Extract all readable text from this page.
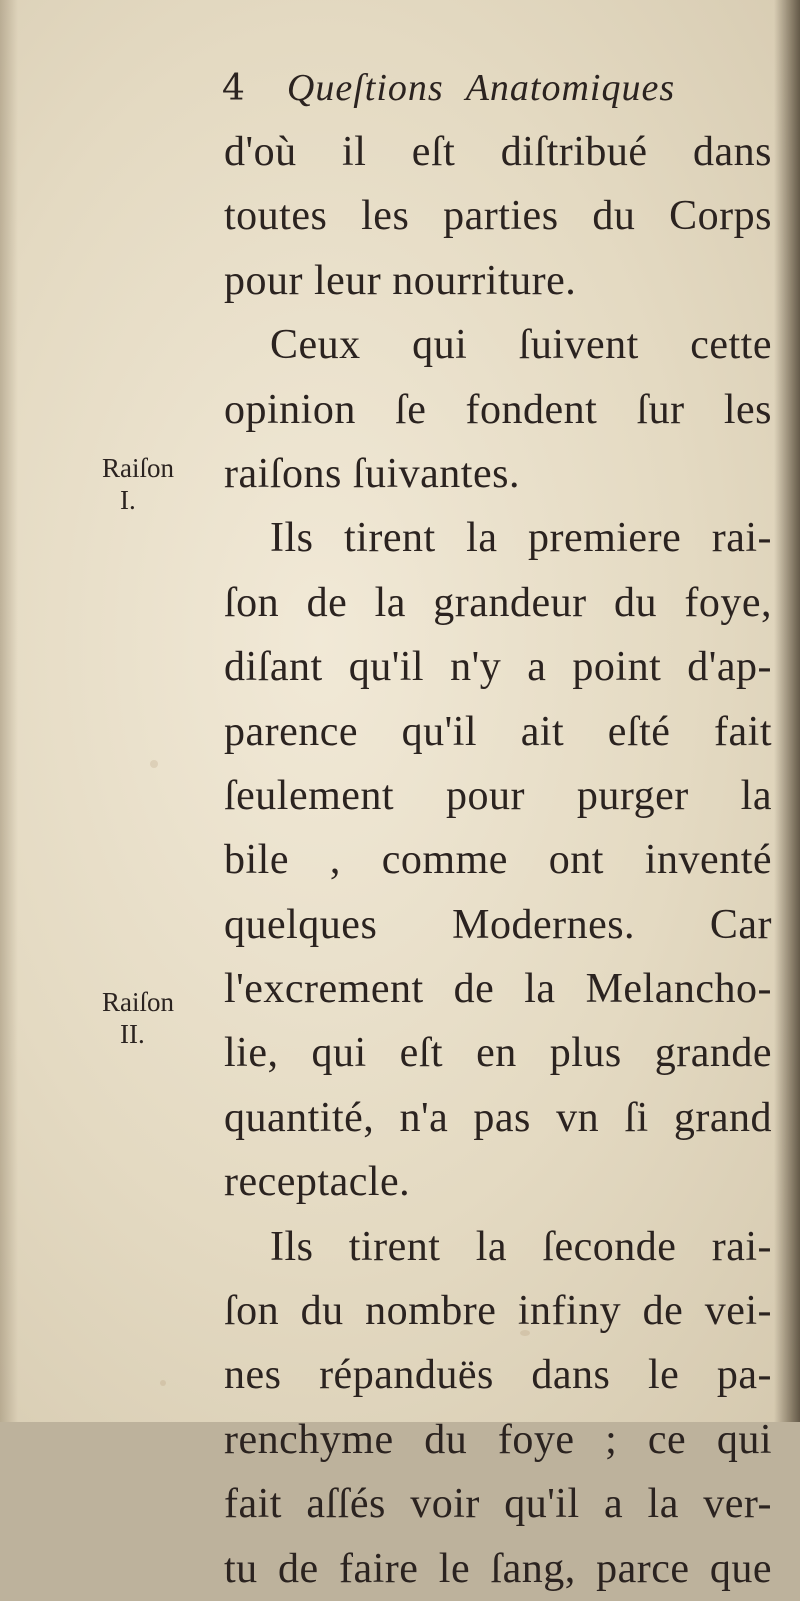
4 Queſtions Anatomiques
d'où il eſt diſtribué dans
toutes les parties du Corps
pour leur nourriture.
Ceux qui ſuivent cette
opinion ſe fondent ſur les
raiſons ſuivantes.
Ils tirent la premiere rai-
ſon de la grandeur du foye,
diſant qu'il n'y a point d'ap-
parence qu'il ait eſté fait
ſeulement pour purger la
bile , comme ont inventé
quelques Modernes. Car
l'excrement de la Melancho-
lie, qui eſt en plus grande
quantité, n'a pas vn ſi grand
receptacle.
Ils tirent la ſeconde rai-
ſon du nombre infiny de vei-
nes répanduës dans le pa-
renchyme du foye ; ce qui
fait aſſés voir qu'il a la ver-
tu de faire le ſang, parce que
Raiſon
I.
Raiſon
II.
